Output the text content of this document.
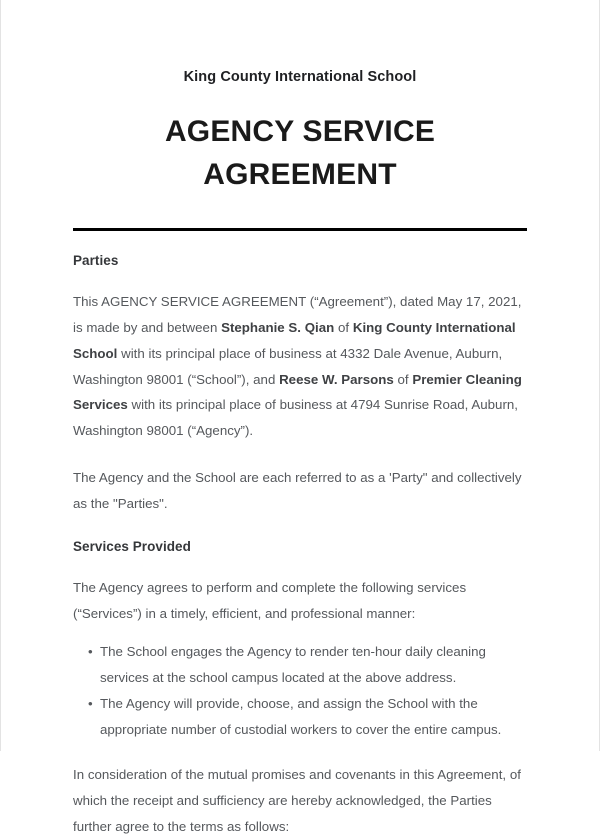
King County International School
AGENCY SERVICE
AGREEMENT
Parties

This AGENCY SERVICE AGREEMENT (“Agreement”), dated May 17, 2021, is made by and between Stephanie S. Qian of King County International School with its principal place of business at 4332 Dale Avenue, Auburn, Washington 98001 (“School”), and Reese W. Parsons of Premier Cleaning Services with its principal place of business at 4794 Sunrise Road, Auburn, Washington 98001 (“Agency”).

The Agency and the School are each referred to as a 'Party" and collectively as the "Parties".

Services Provided

The Agency agrees to perform and complete the following services (“Services”) in a timely, efficient, and professional manner:

• The School engages the Agency to render ten-hour daily cleaning services at the school campus located at the above address.
• The Agency will provide, choose, and assign the School with the appropriate number of custodial workers to cover the entire campus.

In consideration of the mutual promises and covenants in this Agreement, of which the receipt and sufficiency are hereby acknowledged, the Parties further agree to the terms as follows:
